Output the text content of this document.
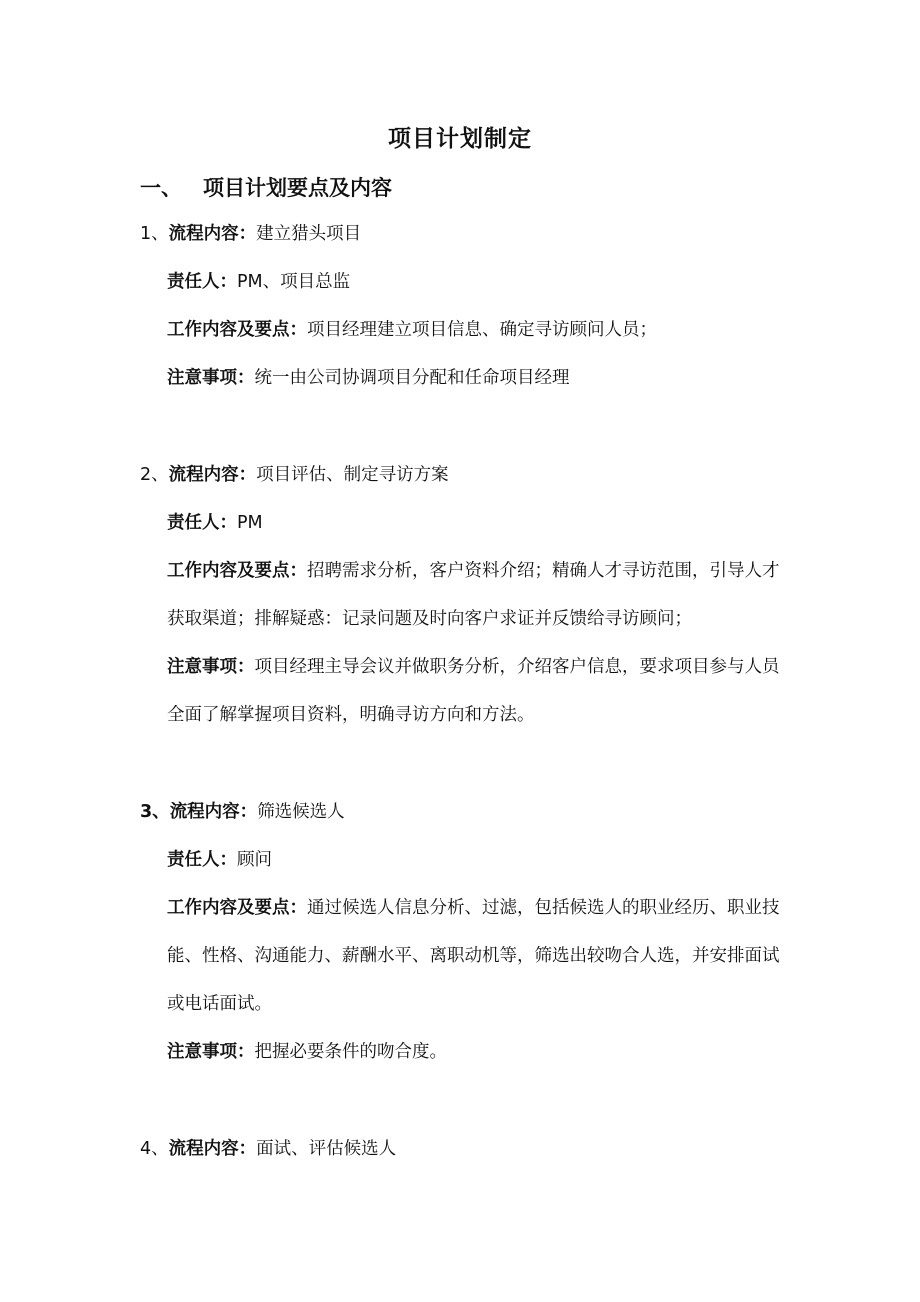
项目计划制定
一、 项目计划要点及内容
1、流程内容：建立猎头项目
责任人：PM、项目总监
工作内容及要点：项目经理建立项目信息、确定寻访顾问人员；
注意事项：统一由公司协调项目分配和任命项目经理
2、流程内容：项目评估、制定寻访方案
责任人：PM
工作内容及要点：招聘需求分析，客户资料介绍；精确人才寻访范围，引导人才获取渠道；排解疑惑：记录问题及时向客户求证并反馈给寻访顾问；
注意事项：项目经理主导会议并做职务分析，介绍客户信息，要求项目参与人员全面了解掌握项目资料，明确寻访方向和方法。
3、流程内容：筛选候选人
责任人：顾问
工作内容及要点：通过候选人信息分析、过滤，包括候选人的职业经历、职业技能、性格、沟通能力、薪酬水平、离职动机等，筛选出较吻合人选，并安排面试或电话面试。
注意事项：把握必要条件的吻合度。
4、流程内容：面试、评估候选人
